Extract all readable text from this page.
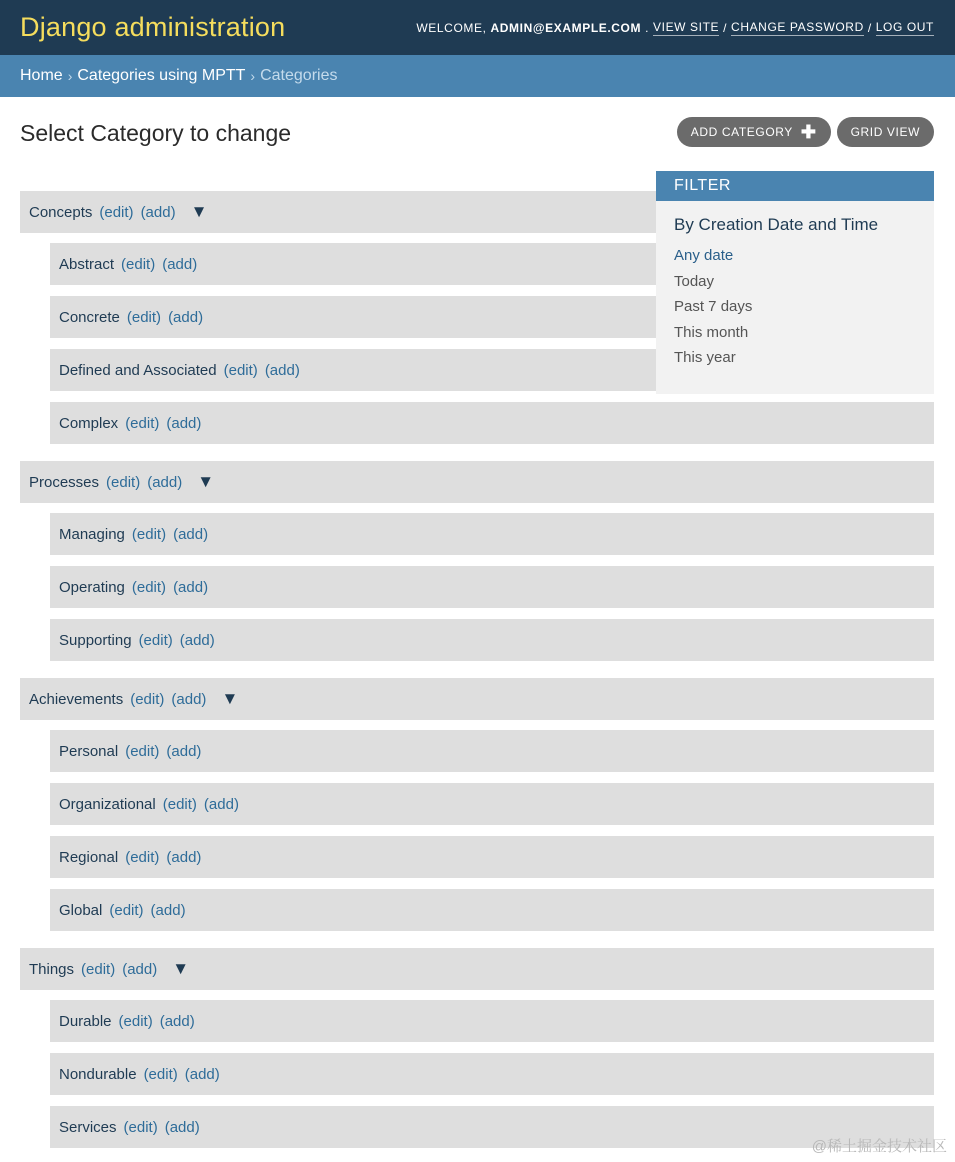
Django administration	WELCOME, ADMIN@EXAMPLE.COM . VIEW SITE / CHANGE PASSWORD / LOG OUT
Home › Categories using MPTT › Categories
Select Category to change	ADD CATEGORY ✚	GRID VIEW
Concepts (edit) (add) ▼
Abstract (edit) (add)
Concrete (edit) (add)
Defined and Associated (edit) (add)
Complex (edit) (add)
Processes (edit) (add) ▼
Managing (edit) (add)
Operating (edit) (add)
Supporting (edit) (add)
Achievements (edit) (add) ▼
Personal (edit) (add)
Organizational (edit) (add)
Regional (edit) (add)
Global (edit) (add)
Things (edit) (add) ▼
Durable (edit) (add)
Nondurable (edit) (add)
Services (edit) (add)
FILTER
By Creation Date and Time
Any date
Today
Past 7 days
This month
This year
@稀土掘金技术社区
